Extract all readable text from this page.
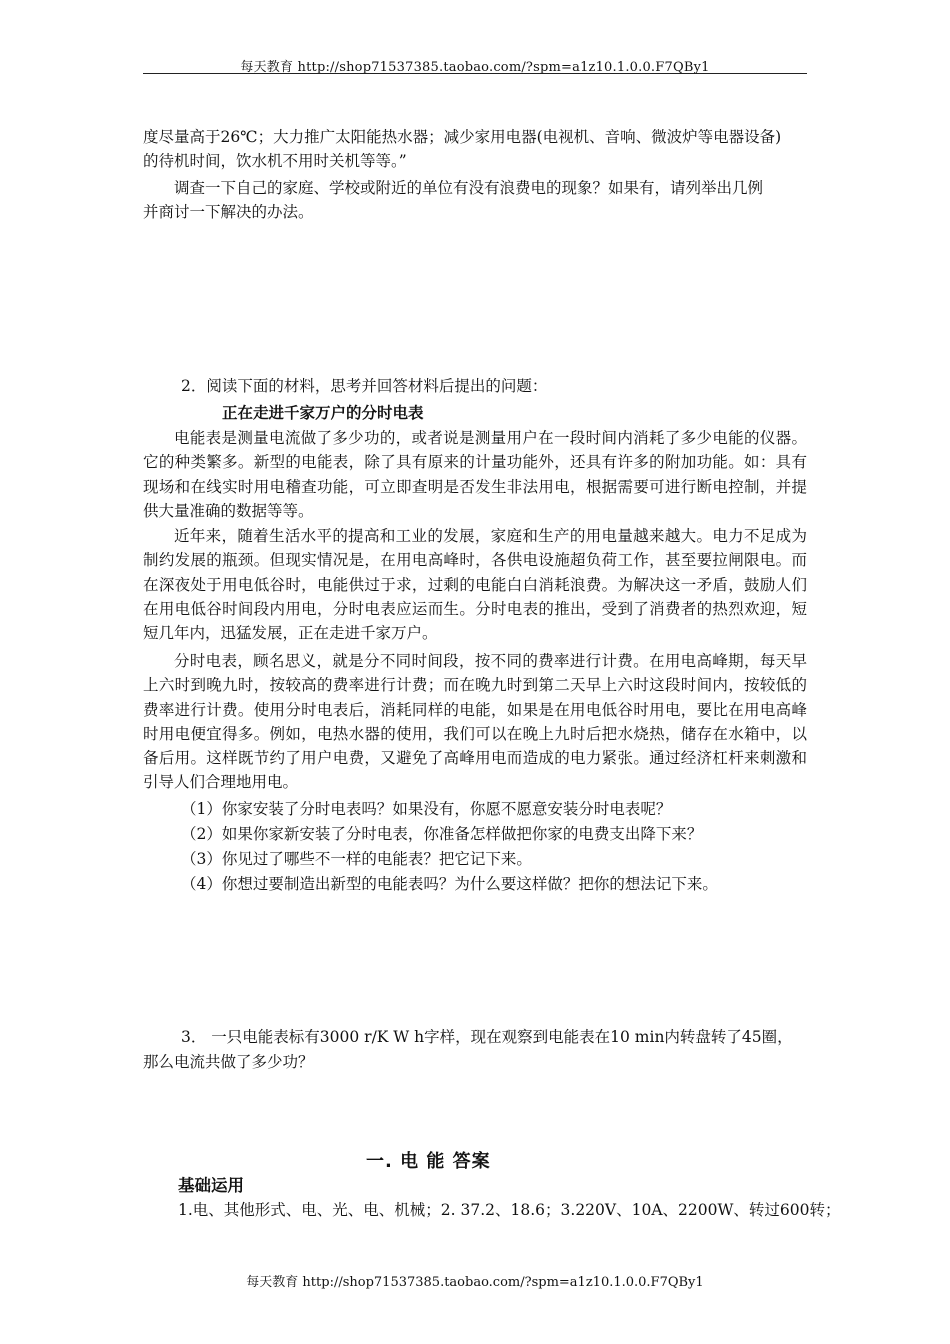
每天教育 http://shop71537385.taobao.com/?spm=a1z10.1.0.0.F7QBy1
度尽量高于26℃；大力推广太阳能热水器；减少家用电器(电视机、音响、微波炉等电器设备)
的待机时间，饮水机不用时关机等等。”
调查一下自己的家庭、学校或附近的单位有没有浪费电的现象？如果有，请列举出几例
并商讨一下解决的办法。
2．阅读下面的材料，思考并回答材料后提出的问题：
正在走进千家万户的分时电表
电能表是测量电流做了多少功的，或者说是测量用户在一段时间内消耗了多少电能的仪器。它的种类繁多。新型的电能表，除了具有原来的计量功能外，还具有许多的附加功能。如：具有现场和在线实时用电稽查功能，可立即查明是否发生非法用电，根据需要可进行断电控制，并提供大量准确的数据等等。
近年来，随着生活水平的提高和工业的发展，家庭和生产的用电量越来越大。电力不足成为制约发展的瓶颈。但现实情况是，在用电高峰时，各供电设施超负荷工作，甚至要拉闸限电。而在深夜处于用电低谷时，电能供过于求，过剩的电能白白消耗浪费。为解决这一矛盾，鼓励人们在用电低谷时间段内用电，分时电表应运而生。分时电表的推出，受到了消费者的热烈欢迎，短短几年内，迅猛发展，正在走进千家万户。
分时电表，顾名思义，就是分不同时间段，按不同的费率进行计费。在用电高峰期，每天早上六时到晚九时，按较高的费率进行计费；而在晚九时到第二天早上六时这段时间内，按较低的费率进行计费。使用分时电表后，消耗同样的电能，如果是在用电低谷时用电，要比在用电高峰时用电便宜得多。例如，电热水器的使用，我们可以在晚上九时后把水烧热，储存在水箱中，以备后用。这样既节约了用户电费，又避免了高峰用电而造成的电力紧张。通过经济杠杆来刺激和引导人们合理地用电。
（1）你家安装了分时电表吗？如果没有，你愿不愿意安装分时电表呢？
（2）如果你家新安装了分时电表，你准备怎样做把你家的电费支出降下来？
（3）你见过了哪些不一样的电能表？把它记下来。
（4）你想过要制造出新型的电能表吗？为什么要这样做？把你的想法记下来。
3． 一只电能表标有3000 r/K W h字样，现在观察到电能表在10 min内转盘转了45圈，
那么电流共做了多少功？
一. 电 能 答案
基础运用
1.电、其他形式、电、光、电、机械；2. 37.2、18.6；3.220V、10A、2200W、转过600转；
每天教育 http://shop71537385.taobao.com/?spm=a1z10.1.0.0.F7QBy1
